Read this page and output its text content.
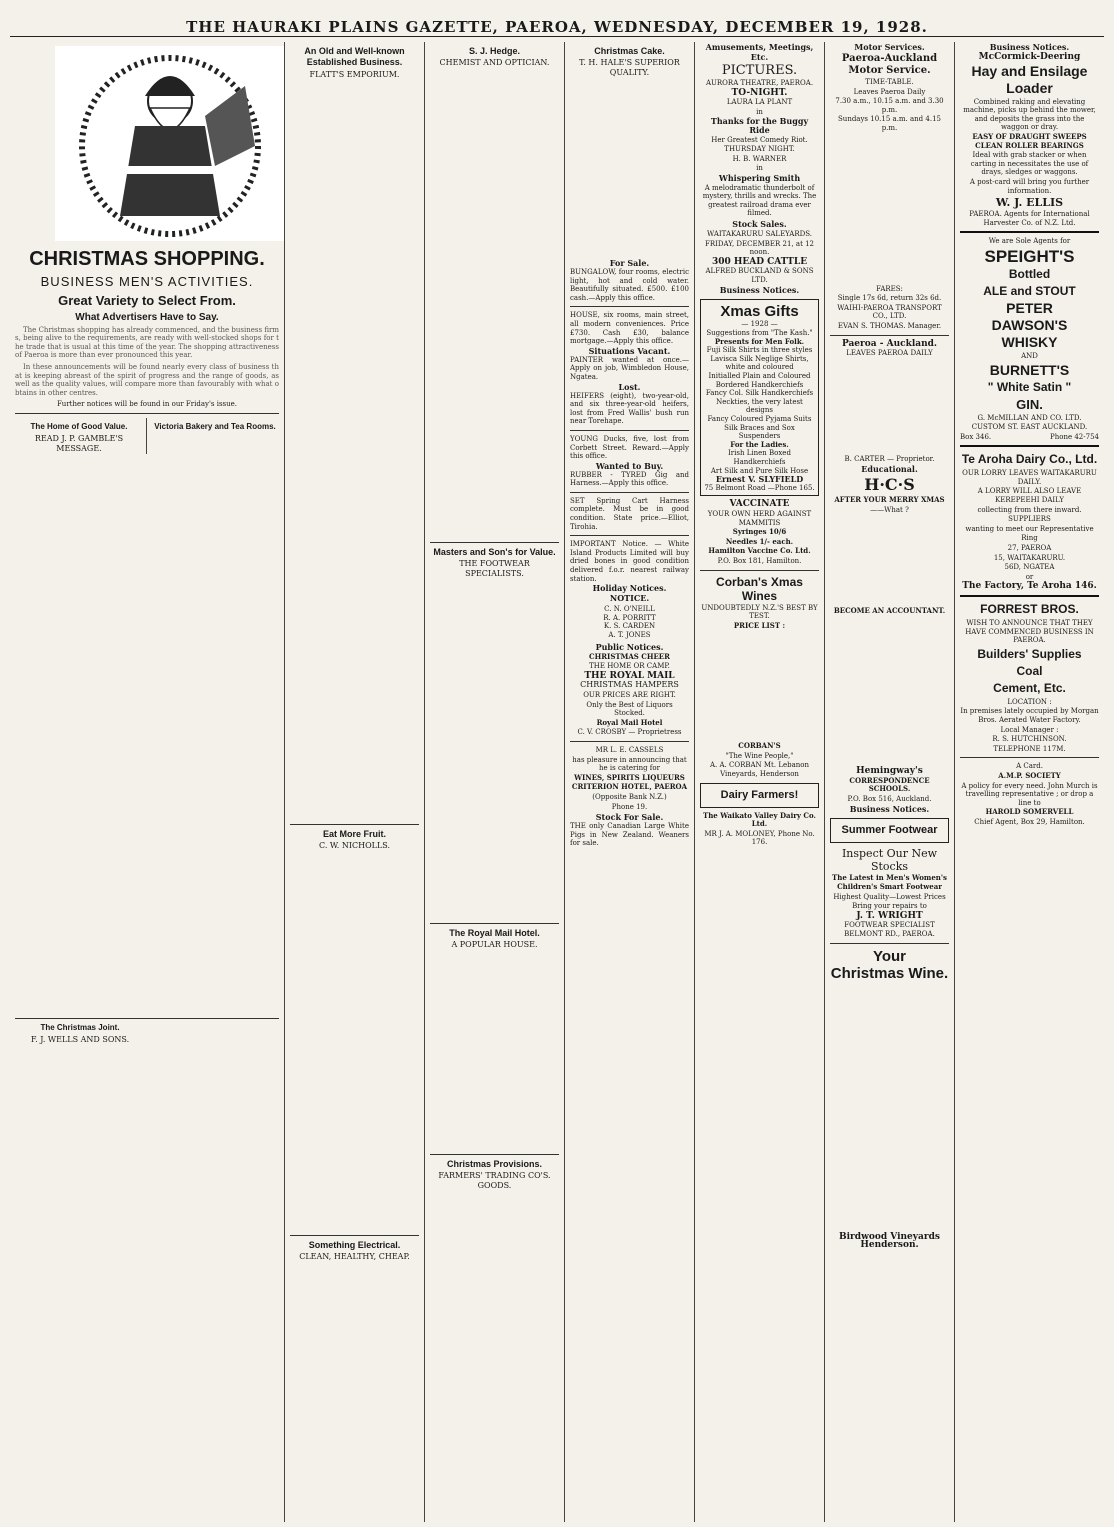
THE HAURAKI PLAINS GAZETTE, PAEROA, WEDNESDAY, DECEMBER 19, 1928.
CHRISTMAS SHOPPING.
BUSINESS MEN'S ACTIVITIES.
Great Variety to Select From.
What Advertisers Have to Say.
The Christmas shopping has already commenced, and the business firms, being alive to the requirements, are ready with well-stocked shops for the trade that is usual at this time of the year. The shopping attractiveness of Paeroa is more than ever pronounced this year.
In these announcements will be found nearly every class of business that is keeping abreast of the spirit of progress and the range of goods, as well as the quality values, will compare more than favourably with what obtains in other centres.
Further notices will be found in our Friday's issue.
The Home of Good Value.
READ J. P. GAMBLE'S MESSAGE.
Victoria Bakery and Tea Rooms.
The Christmas Joint.
F. J. WELLS AND SONS.
An Old and Well-known Established Business.
FLATT'S EMPORIUM.
Eat More Fruit.
C. W. NICHOLLS.
Something Electrical.
CLEAN, HEALTHY, CHEAP.
S. J. Hedge.
CHEMIST AND OPTICIAN.
Masters and Son's for Value.
THE FOOTWEAR SPECIALISTS.
The Royal Mail Hotel.
A POPULAR HOUSE.
Christmas Provisions.
FARMERS' TRADING CO'S. GOODS.
Christmas Cake.
T. H. HALE'S SUPERIOR QUALITY.
For Sale.
BUNGALOW, four rooms, electric light, hot and cold water. Beautifully situated. £500. £100 cash.—Apply this office.
HOUSE, six rooms, main street, all modern conveniences. Price £730. Cash £30, balance mortgage.—Apply this office.
Situations Vacant.
PAINTER wanted at once.—Apply on job, Wimbledon House, Ngatea.
Lost.
HEIFERS (eight), two-year-old, and six three-year-old heifers, lost from Fred Wallis' bush run near Torehape.
YOUNG Ducks, five, lost from Corbett Street. Reward.—Apply this office.
Wanted to Buy.
RUBBER - TYRED Gig and Harness.—Apply this office.
SET Spring Cart Harness complete. Must be in good condition. State price.—Elliot, Tirohia.
IMPORTANT Notice. — White Island Products Limited will buy dried bones in good condition delivered f.o.r. nearest railway station.
Holiday Notices.
NOTICE.
C. N. O'NEILL
R. A. PORRITT
K. S. CARDEN
A. T. JONES
Public Notices.
CHRISTMAS CHEER
THE HOME OR CAMP.
THE ROYAL MAIL
CHRISTMAS HAMPERS
OUR PRICES ARE RIGHT.
Only the Best of Liquors Stocked.
Royal Mail Hotel
C. V. CROSBY — Proprietress
MR L. E. CASSELS
has pleasure in announcing that he is catering for
WINES, SPIRITS LIQUEURS
CRITERION HOTEL, PAEROA
(Opposite Bank N.Z.)
Phone 19.
Stock For Sale.
THE only Canadian Large White Pigs in New Zealand. Weaners for sale.
Amusements, Meetings, Etc.
PICTURES.
AURORA THEATRE, PAEROA.
TO-NIGHT.
LAURA LA PLANT
in
Thanks for the Buggy Ride
Her Greatest Comedy Riot.
THURSDAY NIGHT.
H. B. WARNER
in
Whispering Smith
A melodramatic thunderbolt of mystery, thrills and wrecks. The greatest railroad drama ever filmed.
Stock Sales.
WAITAKARURU SALEYARDS.
FRIDAY, DECEMBER 21, at 12 noon.
300 HEAD CATTLE
ALFRED BUCKLAND & SONS LTD.
Business Notices.
Xmas Gifts
— 1928 —
Suggestions from "The Kash."
Presents for Men Folk.
Fuji Silk Shirts in three styles
Lavisca Silk Neglige Shirts, white and coloured
Initialled Plain and Coloured Bordered Handkerchiefs
Fancy Col. Silk Handkerchiefs
Neckties, the very latest designs
Fancy Coloured Pyjama Suits
Silk Braces and Sox Suspenders
For the Ladies.
Irish Linen Boxed Handkerchiefs
Art Silk and Pure Silk Hose
Ernest V. SLYFIELD
75 Belmont Road —Phone 165.
VACCINATE
YOUR OWN HERD AGAINST MAMMITIS
Syringes 10/6
Needles 1/- each.
Hamilton Vaccine Co. Ltd.
P.O. Box 181, Hamilton.
Corban's Xmas Wines
UNDOUBTEDLY N.Z.'S BEST BY TEST.
PRICE LIST :
CORBAN'S
"The Wine People,"
A. A. CORBAN Mt. Lebanon Vineyards, Henderson
Dairy Farmers!
The Waikato Valley Dairy Co. Ltd.
MR J. A. MOLONEY, Phone No. 176.
Motor Services.
Paeroa-Auckland Motor Service.
TIME-TABLE.
Leaves Paeroa Daily
7.30 a.m., 10.15 a.m. and 3.30 p.m.
Sundays 10.15 a.m. and 4.15 p.m.
FARES:
Single 17s 6d, return 32s 6d.
WAIHI-PAEROA TRANSPORT CO., LTD.
EVAN S. THOMAS. Manager.
Paeroa - Auckland.
LEAVES PAEROA DAILY
B. CARTER — Proprietor.
Educational.
H·C·S
AFTER YOUR MERRY XMAS
——What ?
BECOME AN ACCOUNTANT.
Hemingway's
CORRESPONDENCE SCHOOLS.
P.O. Box 516, Auckland.
Business Notices.
Summer Footwear
Inspect Our New Stocks
The Latest in Men's Women's Children's Smart Footwear
Highest Quality—Lowest Prices
Bring your repairs to
J. T. WRIGHT
FOOTWEAR SPECIALIST BELMONT RD., PAEROA.
Your
Christmas Wine.
Birdwood Vineyards Henderson.
Business Notices.
McCormick-Deering
Hay and Ensilage Loader
Combined raking and elevating machine, picks up behind the mower, and deposits the grass into the waggon or dray.
EASY OF DRAUGHT SWEEPS CLEAN ROLLER BEARINGS
Ideal with grab stacker or when carting in necessitates the use of drays, sledges or waggons.
A post-card will bring you further information.
W. J. ELLIS
PAEROA. Agents for International Harvester Co. of N.Z. Ltd.
We are Sole Agents for
SPEIGHT'S
Bottled
ALE and STOUT
PETER
DAWSON'S
WHISKY
AND
BURNETT'S
" White Satin "
GIN.
G. McMILLAN AND CO. LTD.
CUSTOM ST. EAST AUCKLAND.
Box 346.	Phone 42-754
Te Aroha Dairy Co., Ltd.
OUR LORRY LEAVES WAITAKARURU DAILY.
A LORRY WILL ALSO LEAVE KEREPEEHI DAILY
collecting from there inward.
SUPPLIERS
wanting to meet our Representative
Ring
27, PAEROA
15, WAITAKARURU.
56D, NGATEA
or
The Factory, Te Aroha 146.
FORREST BROS.
WISH TO ANNOUNCE THAT THEY HAVE COMMENCED BUSINESS IN PAEROA.
Builders' Supplies
Coal
Cement, Etc.
LOCATION :
In premises lately occupied by Morgan Bros. Aerated Water Factory.
Local Manager :
R. S. HUTCHINSON.
TELEPHONE 117M.
A Card.
A.M.P. SOCIETY
A policy for every need. John Murch is travelling representative ; or drop a line to
HAROLD SOMERVELL
Chief Agent, Box 29, Hamilton.
